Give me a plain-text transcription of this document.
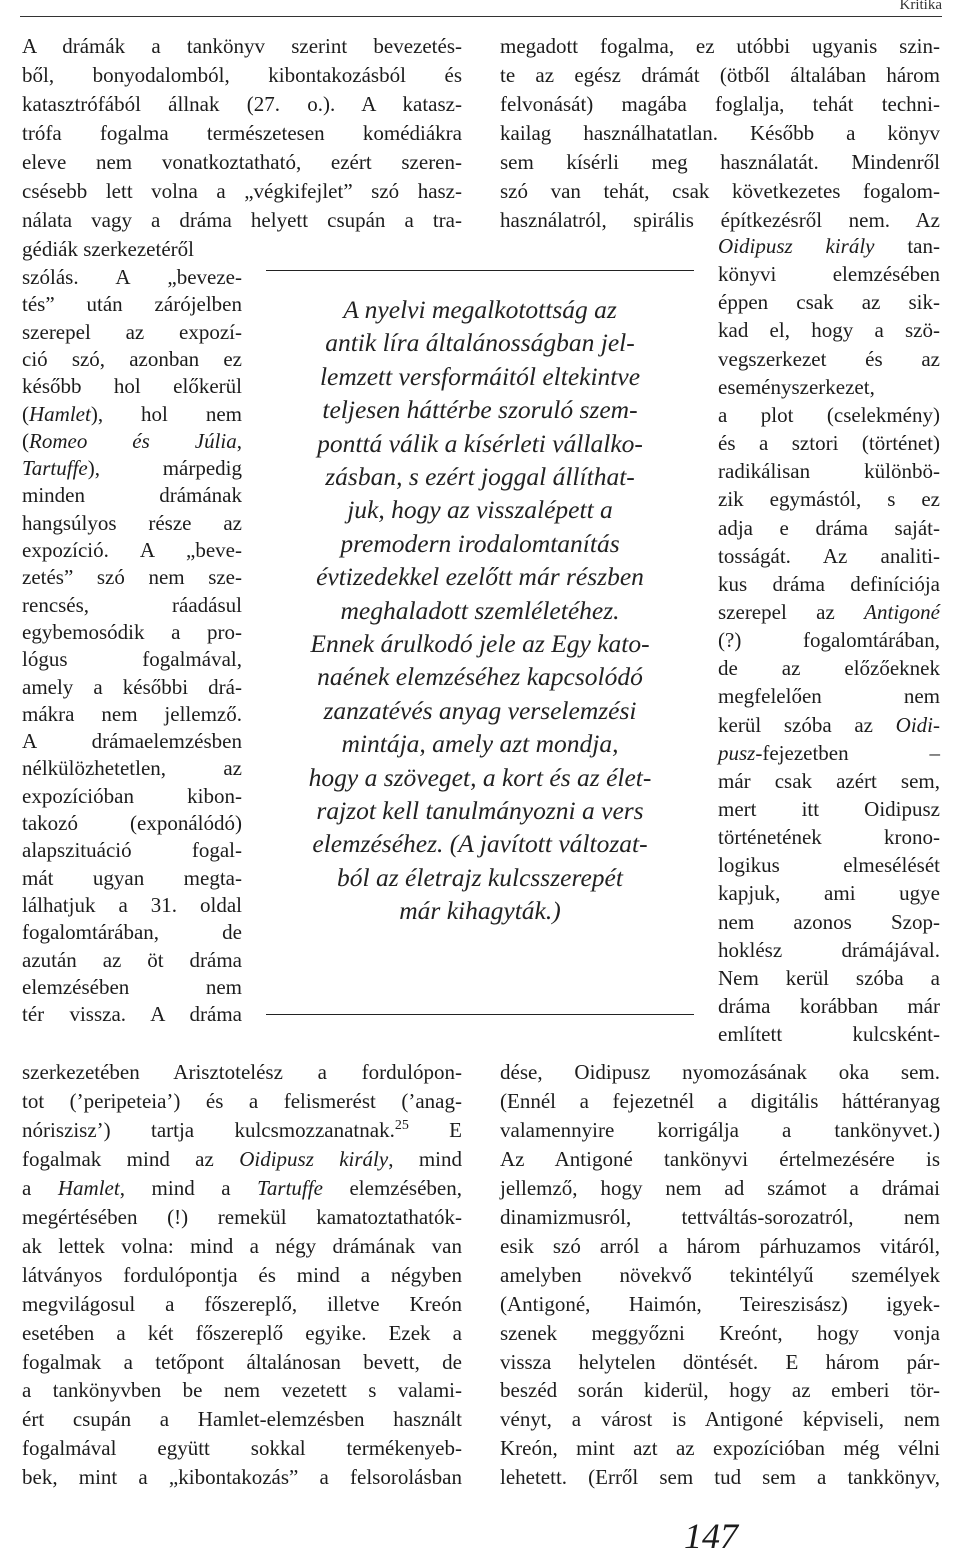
Kritika
A drámák a tankönyv szerint bevezetés-
ből, bonyodalomból, kibontakozásból és
katasztrófából állnak (27. o.). A katasz-
trófa fogalma természetesen komédiákra
eleve nem vonatkoztatható, ezért szeren-
csésebb lett volna a „végkifejlet” szó hasz-
nálata vagy a dráma helyett csupán a tra-
gédiák szerkezetéről
szólás. A „beveze-
tés” után zárójelben
szerepel az expozí-
ció szó, azonban ez
később hol előkerül
(Hamlet), hol nem
(Romeo és Júlia,
Tartuffe), márpedig
minden drámának
hangsúlyos része az
expozíció. A „beve-
zetés” szó nem sze-
rencsés, ráadásul
egybemosódik a pro-
lógus fogalmával,
amely a későbbi drá-
mákra nem jellemző.
A drámaelemzésben
nélkülözhetetlen, az
expozícióban kibon-
takozó (exponálódó)
alapszituáció fogal-
mát ugyan megta-
lálhatjuk a 31. oldal
fogalomtárában, de
azután az öt dráma
elemzésében nem
tér vissza. A dráma
szerkezetében Arisztotelész a fordulópon-
tot (’peripeteia’) és a felismerést (’anag-
nóriszisz’) tartja kulcsmozzanatnak.$^{25}$ E
fogalmak mind az Oidipusz király, mind
a Hamlet, mind a Tartuffe elemzésében,
megértésében (!) remekül kamatoztathatók-
ak lettek volna: mind a négy drámának van
látványos fordulópontja és mind a négyben
megvilágosul a főszereplő, illetve Kreón
esetében a két főszereplő egyike. Ezek a
fogalmak a tetőpont általánosan bevett, de
a tankönyvben be nem vezetett s valami-
ért csupán a Hamlet-elemzésben használt
fogalmával együtt sokkal termékenyeb-
bek, mint a „kibontakozás” a felsorolásban
megadott fogalma, ez utóbbi ugyanis szin-
te az egész drámát (ötből általában három
felvonását) magába foglalja, tehát techni-
kailag használhatatlan. Később a könyv
sem kísérli meg használatát. Mindenről
szó van tehát, csak következetes fogalom-
használatról, spirális építkezésről nem. Az
Oidipusz király tan-
könyvi elemzésében
éppen csak az sik-
kad el, hogy a szö-
vegszerkezet és az
eseményszerkezet,
a plot (cselekmény)
és a sztori (történet)
radikálisan különbö-
zik egymástól, s ez
adja e dráma saját-
tosságát. Az analiti-
kus dráma definíciója
szerepel az Antigoné
(?) fogalomtárában,
de az előzőeknek
megfelelően nem
kerül szóba az Oidi-
pusz-fejezetben –
már csak azért sem,
mert itt Oidipusz
történetének krono-
logikus elmesélését
kapjuk, ami ugye
nem azonos Szop-
hoklész drámájával.
Nem kerül szóba a
dráma korábban már
említett kulcsként-
dése, Oidipusz nyomozásának oka sem.
(Ennél a fejezetnél a digitális háttéranyag
valamennyire korrigálja a tankönyvet.)
Az Antigoné tankönyvi értelmezésére is
jellemző, hogy nem ad számot a drámai
dinamizmusról, tettváltás-sorozatról, nem
esik szó arról a három párhuzamos vitáról,
amelyben növekvő tekintélyű személyek
(Antigoné, Haimón, Teireszisász) igyek-
szenek meggyőzni Kreónt, hogy vonja
vissza helytelen döntését. E három pár-
beszéd során kiderül, hogy az emberi tör-
vényt, a várost is Antigoné képviseli, nem
Kreón, mint azt az expozícióban még vélni
lehetett. (Erről sem tud sem a tankkönyv,
A nyelvi megalkotottság az
antik líra általánosságban jel-
lemzett versformáitól eltekintve
teljesen háttérbe szoruló szem-
ponttá válik a kísérleti vállalko-
zásban, s ezért joggal állíthat-
juk, hogy az visszalépett a
premodern irodalomtanítás
évtizedekkel ezelőtt már részben
meghaladott szemléletéhez.
Ennek árulkodó jele az Egy kato-
naének elemzéséhez kapcsolódó
zanzatévés anyag verselemzési
mintája, amely azt mondja,
hogy a szöveget, a kort és az élet-
rajzot kell tanulmányozni a vers
elemzéséhez. (A javított változat-
ból az életrajz kulcsszerepét
már kihagyták.)
147
